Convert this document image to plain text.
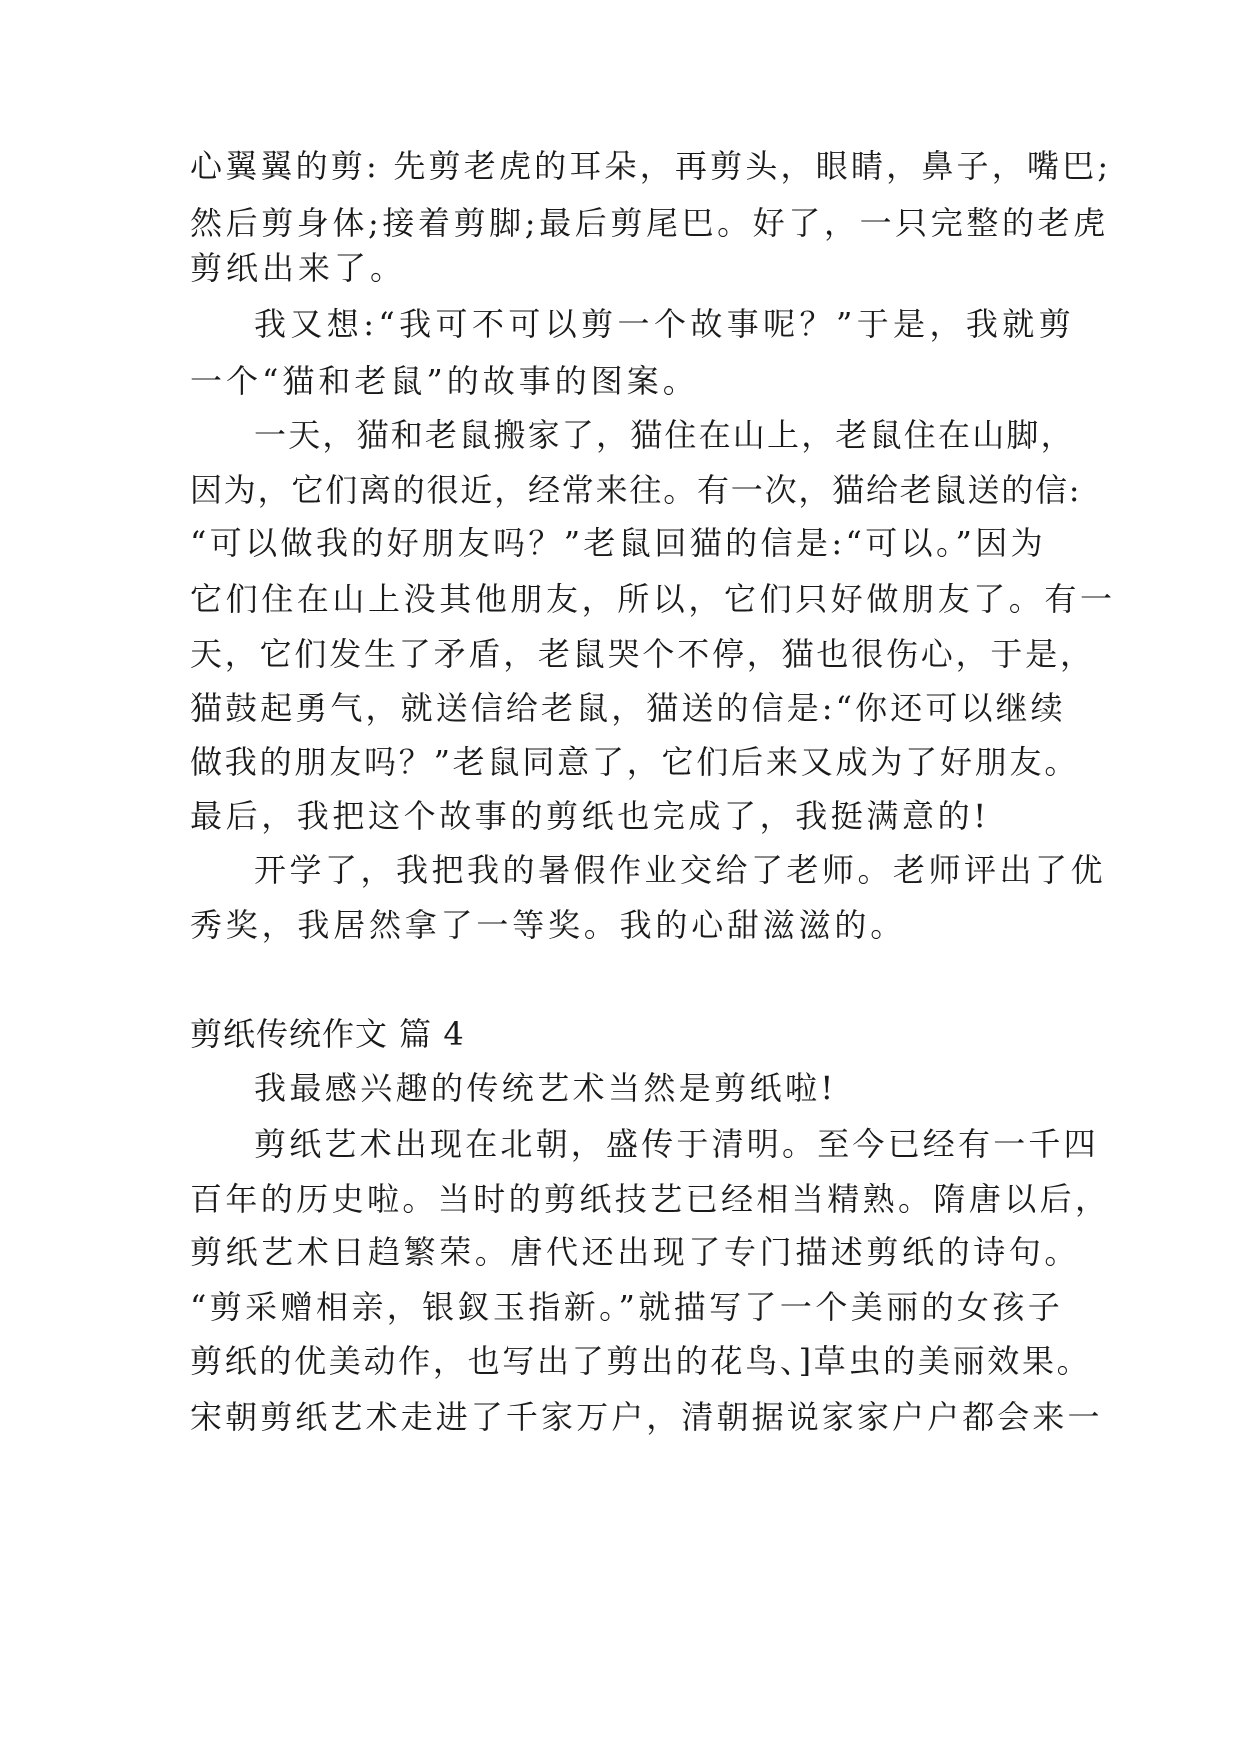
心翼翼的剪: 先剪老虎的耳朵，再剪头，眼睛，鼻子，嘴巴;
然后剪身体;接着剪脚;最后剪尾巴。好了，一只完整的老虎
剪纸出来了。
我又想:“我可不可以剪一个故事呢？”于是，我就剪
一个“猫和老鼠”的故事的图案。
一天，猫和老鼠搬家了，猫住在山上，老鼠住在山脚，
因为，它们离的很近，经常来往。有一次，猫给老鼠送的信:
“可以做我的好朋友吗？”老鼠回猫的信是:“可以。”因为
它们住在山上没其他朋友，所以，它们只好做朋友了。有一
天，它们发生了矛盾，老鼠哭个不停，猫也很伤心，于是，
猫鼓起勇气，就送信给老鼠，猫送的信是:“你还可以继续
做我的朋友吗？”老鼠同意了，它们后来又成为了好朋友。
最后，我把这个故事的剪纸也完成了，我挺满意的!
开学了，我把我的暑假作业交给了老师。老师评出了优
秀奖，我居然拿了一等奖。我的心甜滋滋的。
剪纸传统作文 篇 4
我最感兴趣的传统艺术当然是剪纸啦!
剪纸艺术出现在北朝，盛传于清明。至今已经有一千四
百年的历史啦。当时的剪纸技艺已经相当精熟。隋唐以后，
剪纸艺术日趋繁荣。唐代还出现了专门描述剪纸的诗句。
“剪采赠相亲，银釵玉指新。”就描写了一个美丽的女孩子
剪纸的优美动作，也写出了剪出的花鸟、]草虫的美丽效果。
宋朝剪纸艺术走进了千家万户，清朝据说家家户户都会来一
